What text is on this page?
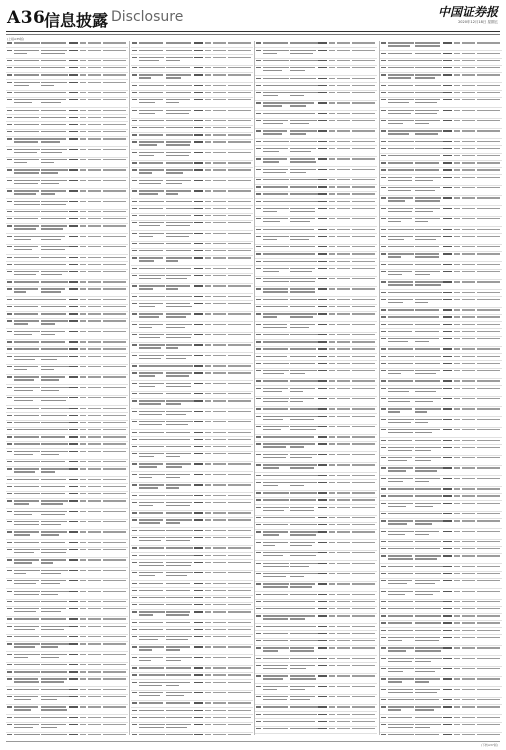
A36
信息披露 Disclosure	中国证券报
2020年12月18日 星期五
(上接A35版)
(下转A37版)
